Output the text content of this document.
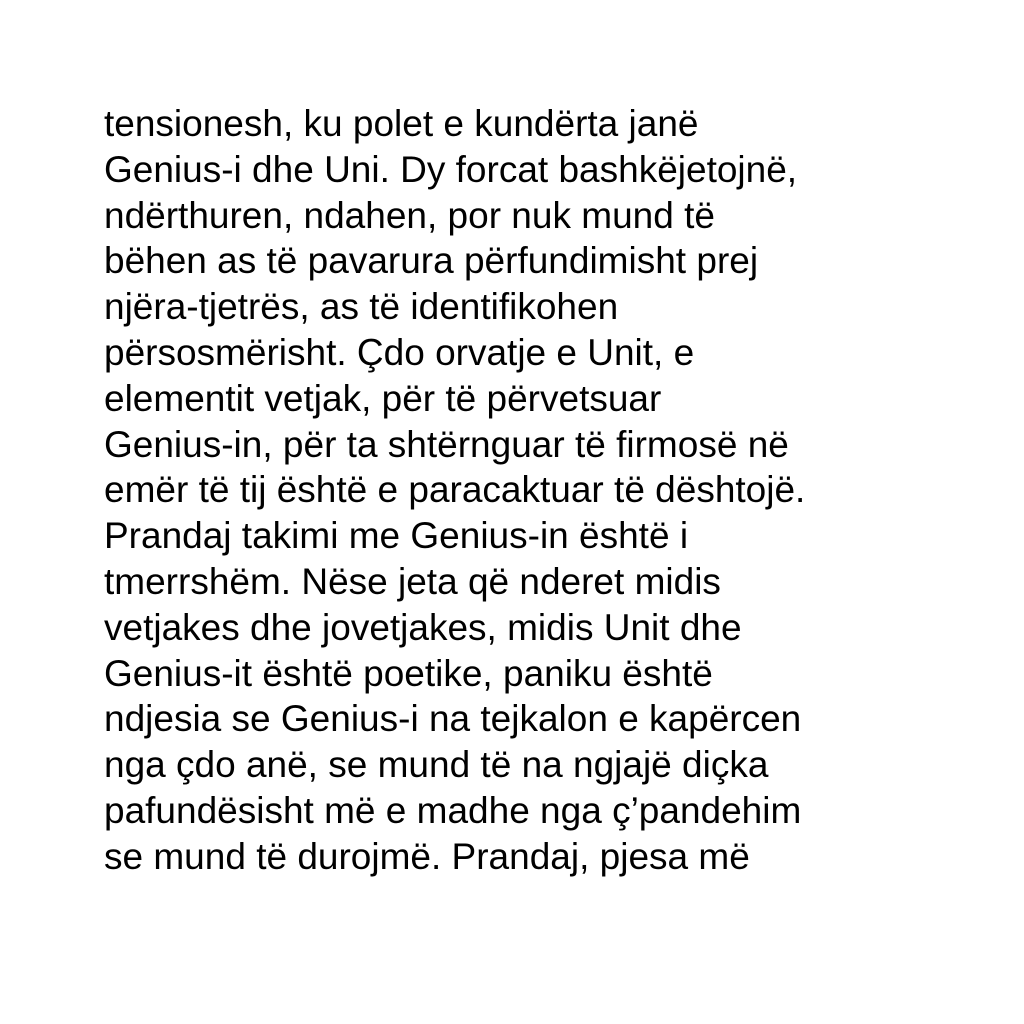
tensionesh, ku polet e kundërta janë
Genius-i dhe Uni. Dy forcat bashkëjetojnë,
ndërthuren, ndahen, por nuk mund të
bëhen as të pavarura përfundimisht prej
njëra-tjetrës, as të identifikohen
përsosmërisht. Çdo orvatje e Unit, e
elementit vetjak, për të përvetsuar
Genius-in, për ta shtërnguar të firmosë në
emër të tij është e paracaktuar të dështojë.
Prandaj takimi me Genius-in është i
tmerrshëm. Nëse jeta që nderet midis
vetjakes dhe jovetjakes, midis Unit dhe
Genius-it është poetike, paniku është
ndjesia se Genius-i na tejkalon e kapërcen
nga çdo anë, se mund të na ngjajë diçka
pafundësisht më e madhe nga ç’pandehim
se mund të durojmë. Prandaj, pjesa më
